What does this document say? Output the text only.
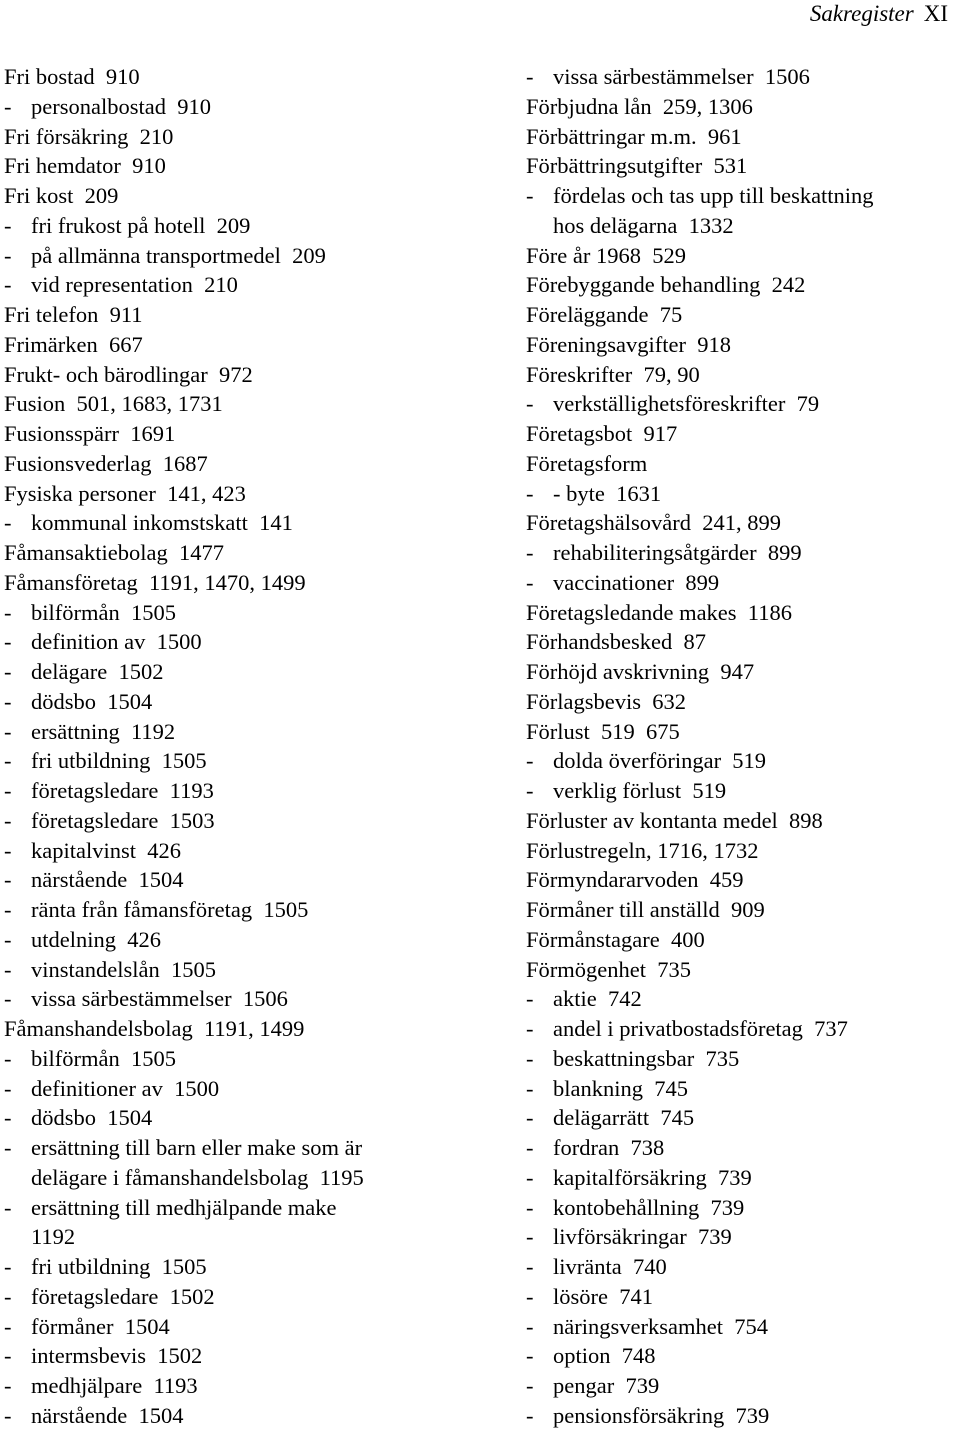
Sakregister XI
Fri bostad  910
- personalbostad  910
Fri försäkring  210
Fri hemdator  910
Fri kost  209
- fri frukost på hotell  209
- på allmänna transportmedel  209
- vid representation  210
Fri telefon  911
Frimärken  667
Frukt- och bärodlingar  972
Fusion  501, 1683, 1731
Fusionsspärr  1691
Fusionsvederlag  1687
Fysiska personer  141, 423
- kommunal inkomstskatt  141
Fåmansaktiebolag  1477
Fåmansföretag  1191, 1470, 1499
- bilförmån  1505
- definition av  1500
- delägare  1502
- dödsbo  1504
- ersättning  1192
- fri utbildning  1505
- företagsledare  1193
- företagsledare  1503
- kapitalvinst  426
- närstående  1504
- ränta från fåmansföretag  1505
- utdelning  426
- vinstandelslån  1505
- vissa särbestämmelser  1506
Fåmanshandelsbolag  1191, 1499
- bilförmån  1505
- definitioner av  1500
- dödsbo  1504
- ersättning till barn eller make som är
delägare i fåmanshandelsbolag  1195
- ersättning till medhjälpande make
1192
- fri utbildning  1505
- företagsledare  1502
- förmåner  1504
- intermsbevis  1502
- medhjälpare  1193
- närstående  1504
- vissa särbestämmelser  1506
Förbjudna lån  259, 1306
Förbättringar m.m.  961
Förbättringsutgifter  531
- fördelas och tas upp till beskattning
hos delägarna  1332
Före år 1968  529
Förebyggande behandling  242
Föreläggande  75
Föreningsavgifter  918
Föreskrifter  79, 90
- verkställighetsföreskrifter  79
Företagsbot  917
Företagsform
- - byte  1631
Företagshälsovård  241, 899
- rehabiliteringsåtgärder  899
- vaccinationer  899
Företagsledande makes  1186
Förhandsbesked  87
Förhöjd avskrivning  947
Förlagsbevis  632
Förlust  519  675
- dolda överföringar  519
- verklig förlust  519
Förluster av kontanta medel  898
Förlustregeln, 1716, 1732
Förmyndararvoden  459
Förmåner till anställd  909
Förmånstagare  400
Förmögenhet  735
- aktie  742
- andel i privatbostadsföretag  737
- beskattningsbar  735
- blankning  745
- delägarrätt  745
- fordran  738
- kapitalförsäkring  739
- kontobehållning  739
- livförsäkringar  739
- livränta  740
- lösöre  741
- näringsverksamhet  754
- option  748
- pengar  739
- pensionsförsäkring  739
